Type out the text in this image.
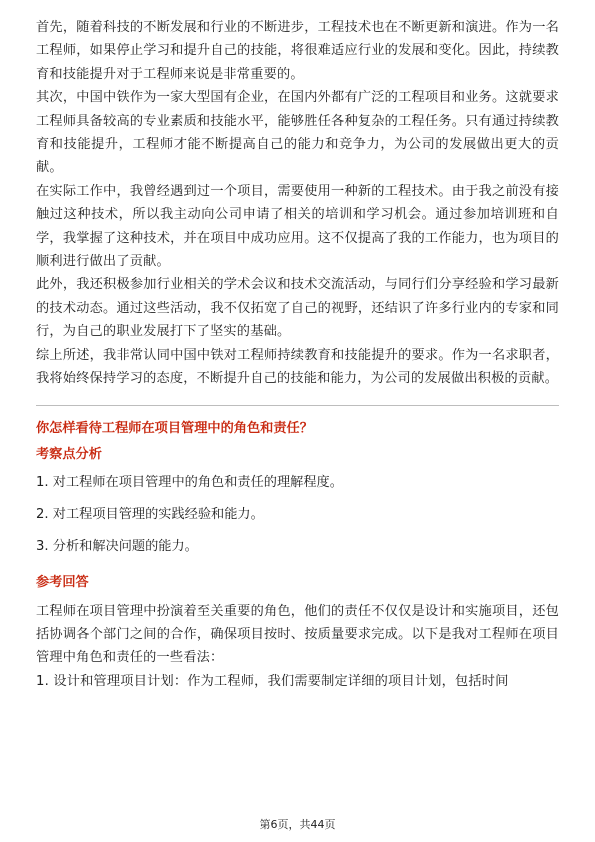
首先，随着科技的不断发展和行业的不断进步，工程技术也在不断更新和演进。作为一名工程师，如果停止学习和提升自己的技能，将很难适应行业的发展和变化。因此，持续教育和技能提升对于工程师来说是非常重要的。

其次，中国中铁作为一家大型国有企业，在国内外都有广泛的工程项目和业务。这就要求工程师具备较高的专业素质和技能水平，能够胜任各种复杂的工程任务。只有通过持续教育和技能提升，工程师才能不断提高自己的能力和竞争力，为公司的发展做出更大的贡献。

在实际工作中，我曾经遇到过一个项目，需要使用一种新的工程技术。由于我之前没有接触过这种技术，所以我主动向公司申请了相关的培训和学习机会。通过参加培训班和自学，我掌握了这种技术，并在项目中成功应用。这不仅提高了我的工作能力，也为项目的顺利进行做出了贡献。

此外，我还积极参加行业相关的学术会议和技术交流活动，与同行们分享经验和学习最新的技术动态。通过这些活动，我不仅拓宽了自己的视野，还结识了许多行业内的专家和同行，为自己的职业发展打下了坚实的基础。

综上所述，我非常认同中国中铁对工程师持续教育和技能提升的要求。作为一名求职者，我将始终保持学习的态度，不断提升自己的技能和能力，为公司的发展做出积极的贡献。

你怎样看待工程师在项目管理中的角色和责任？

考察点分析

1. 对工程师在项目管理中的角色和责任的理解程度。

2. 对工程项目管理的实践经验和能力。

3. 分析和解决问题的能力。

参考回答

工程师在项目管理中扮演着至关重要的角色，他们的责任不仅仅是设计和实施项目，还包括协调各个部门之间的合作，确保项目按时、按质量要求完成。以下是我对工程师在项目管理中角色和责任的一些看法：

1. 设计和管理项目计划：作为工程师，我们需要制定详细的项目计划，包括时间

第6页，共44页
